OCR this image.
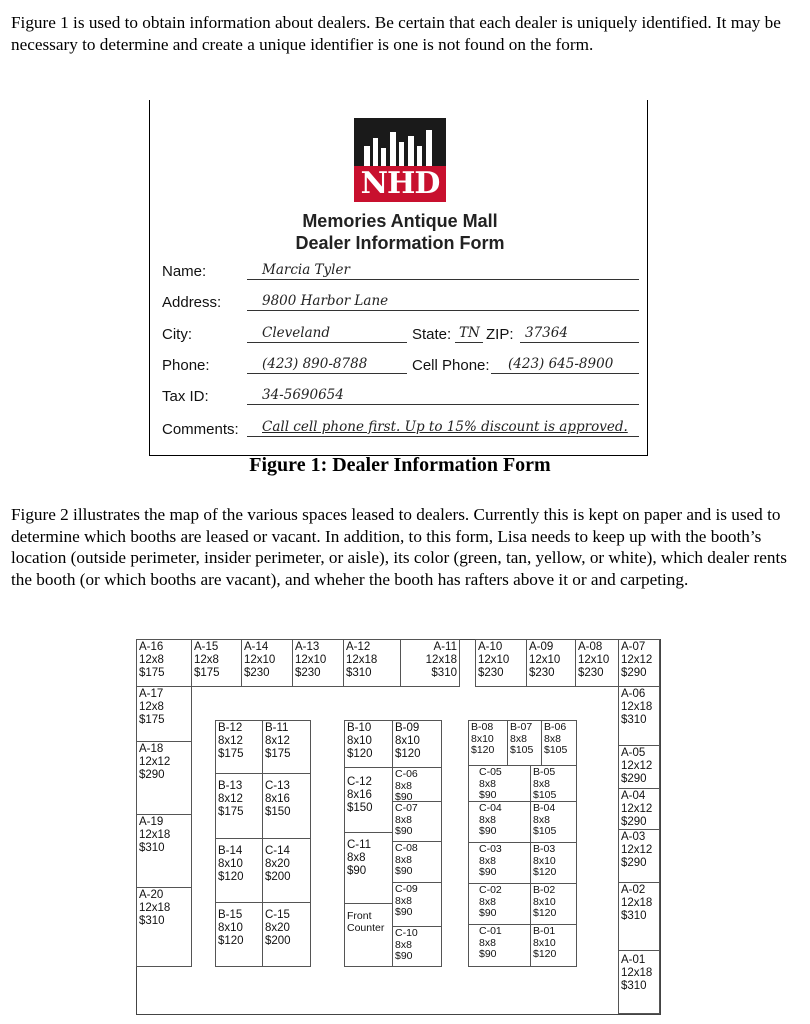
Figure 1 is used to obtain information about dealers. Be certain that each dealer is uniquely identified. It may be necessary to determine and create a unique identifier is one is not found on the form.
NHD
Memories Antique Mall
Dealer Information Form
Name:	Marcia Tyler
Address:	9800 Harbor Lane
City:	Cleveland	State: TN ZIP: 37364
Phone:	(423) 890-8788	Cell Phone: (423) 645-8900
Tax ID:	34-5690654
Comments: Call cell phone first. Up to 15% discount is approved.
Figure 1: Dealer Information Form
Figure 2 illustrates the map of the various spaces leased to dealers. Currently this is kept on paper and is used to determine which booths are leased or vacant. In addition, to this form, Lisa needs to keep up with the booth’s location (outside perimeter, insider perimeter, or aisle), its color (green, tan, yellow, or white), which dealer rents the booth (or which booths are vacant), and wheher the booth has rafters above it or and carpeting.
A-16
12x8
$175
A-15
12x8
$175
A-14
12x10
$230
A-13
12x10
$230
A-12
12x18
$310
A-11
12x18
$310
A-10
12x10
$230
A-09
12x10
$230
A-08
12x10
$230
A-07
12x12
$290
A-17
12x8
$175
A-18
12x12
$290
A-19
12x18
$310
A-20
12x18
$310
A-06
12x18
$310
A-05
12x12
$290
A-04
12x12
$290
A-03
12x12
$290
A-02
12x18
$310
A-01
12x18
$310
B-12
8x12
$175
B-11
8x12
$175
B-13
8x12
$175
C-13
8x16
$150
B-14
8x10
$120
C-14
8x20
$200
B-15
8x10
$120
C-15
8x20
$200
B-10
8x10
$120
B-09
8x10
$120
C-12
8x16
$150
C-06
8x8
$90
C-07
8x8
$90
C-11
8x8
$90
C-08
8x8
$90
C-09
8x8
$90
Front
Counter	C-10
8x8
$90
B-08
8x10
$120
B-07
8x8
$105
B-06
8x8
$105
C-05
8x8
$90
B-05
8x8
$105
C-04
8x8
$90
B-04
8x8
$105
C-03
8x8
$90
B-03
8x10
$120
C-02
8x8
$90
B-02
8x10
$120
C-01
8x8
$90
B-01
8x10
$120
